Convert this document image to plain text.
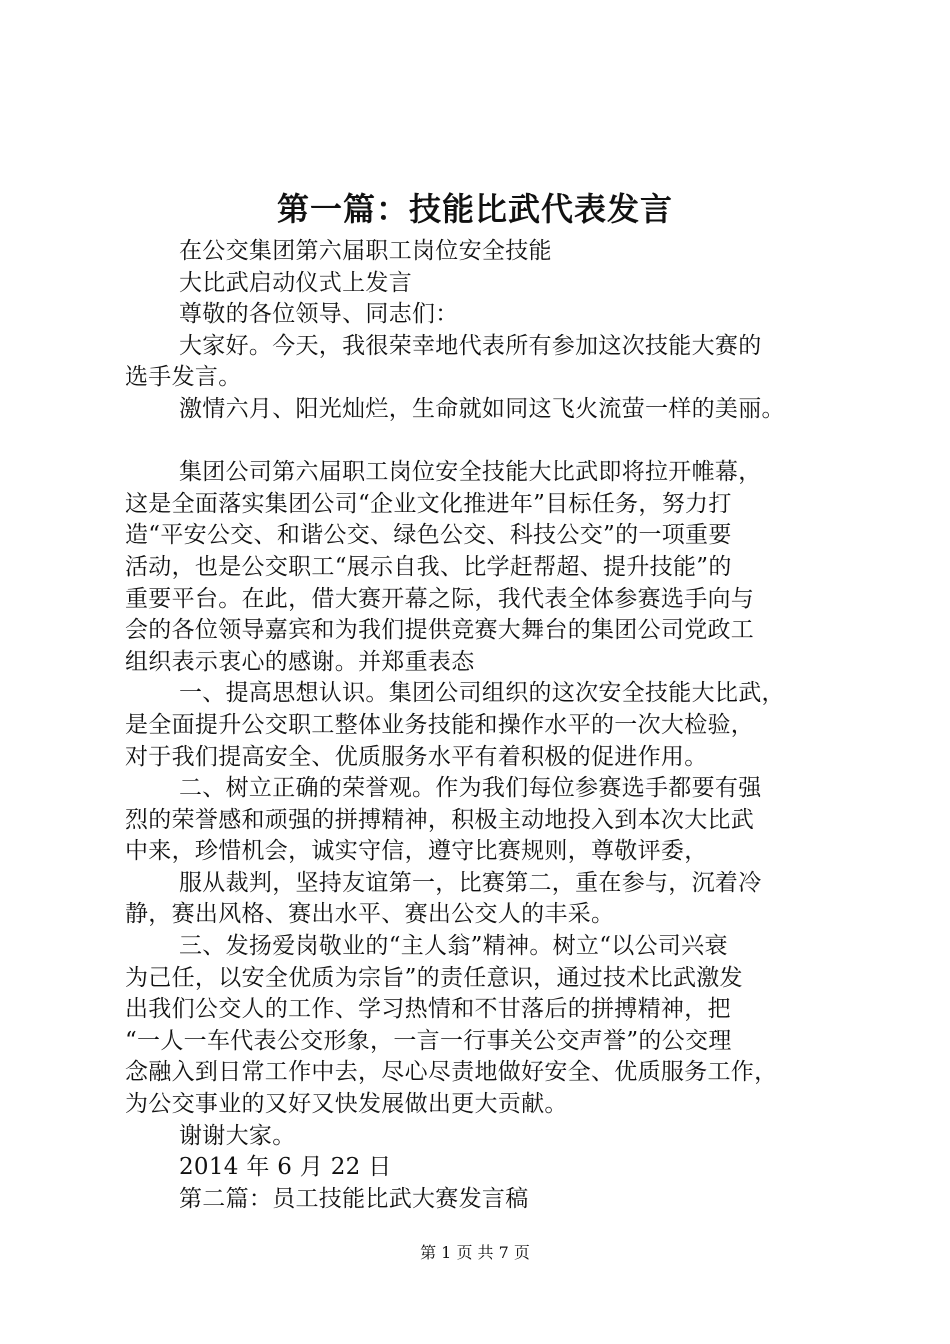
第一篇：技能比武代表发言
在公交集团第六届职工岗位安全技能
大比武启动仪式上发言
尊敬的各位领导、同志们：
大家好。今天，我很荣幸地代表所有参加这次技能大赛的
选手发言。
激情六月、阳光灿烂，生命就如同这飞火流萤一样的美丽。
集团公司第六届职工岗位安全技能大比武即将拉开帷幕，
这是全面落实集团公司“企业文化推进年”目标任务，努力打
造“平安公交、和谐公交、绿色公交、科技公交”的一项重要
活动，也是公交职工“展示自我、比学赶帮超、提升技能”的
重要平台。在此，借大赛开幕之际，我代表全体参赛选手向与
会的各位领导嘉宾和为我们提供竞赛大舞台的集团公司党政工
组织表示衷心的感谢。并郑重表态
一、提高思想认识。集团公司组织的这次安全技能大比武，
是全面提升公交职工整体业务技能和操作水平的一次大检验，
对于我们提高安全、优质服务水平有着积极的促进作用。
二、树立正确的荣誉观。作为我们每位参赛选手都要有强
烈的荣誉感和顽强的拼搏精神，积极主动地投入到本次大比武
中来，珍惜机会，诚实守信，遵守比赛规则，尊敬评委，
服从裁判，坚持友谊第一，比赛第二，重在参与，沉着冷
静，赛出风格、赛出水平、赛出公交人的丰采。
三、发扬爱岗敬业的“主人翁”精神。树立“以公司兴衰
为己任，以安全优质为宗旨”的责任意识，通过技术比武激发
出我们公交人的工作、学习热情和不甘落后的拼搏精神，把
“一人一车代表公交形象，一言一行事关公交声誉”的公交理
念融入到日常工作中去，尽心尽责地做好安全、优质服务工作，
为公交事业的又好又快发展做出更大贡献。
谢谢大家。
2014 年 6 月 22 日
第二篇：员工技能比武大赛发言稿
第 1 页 共 7 页
